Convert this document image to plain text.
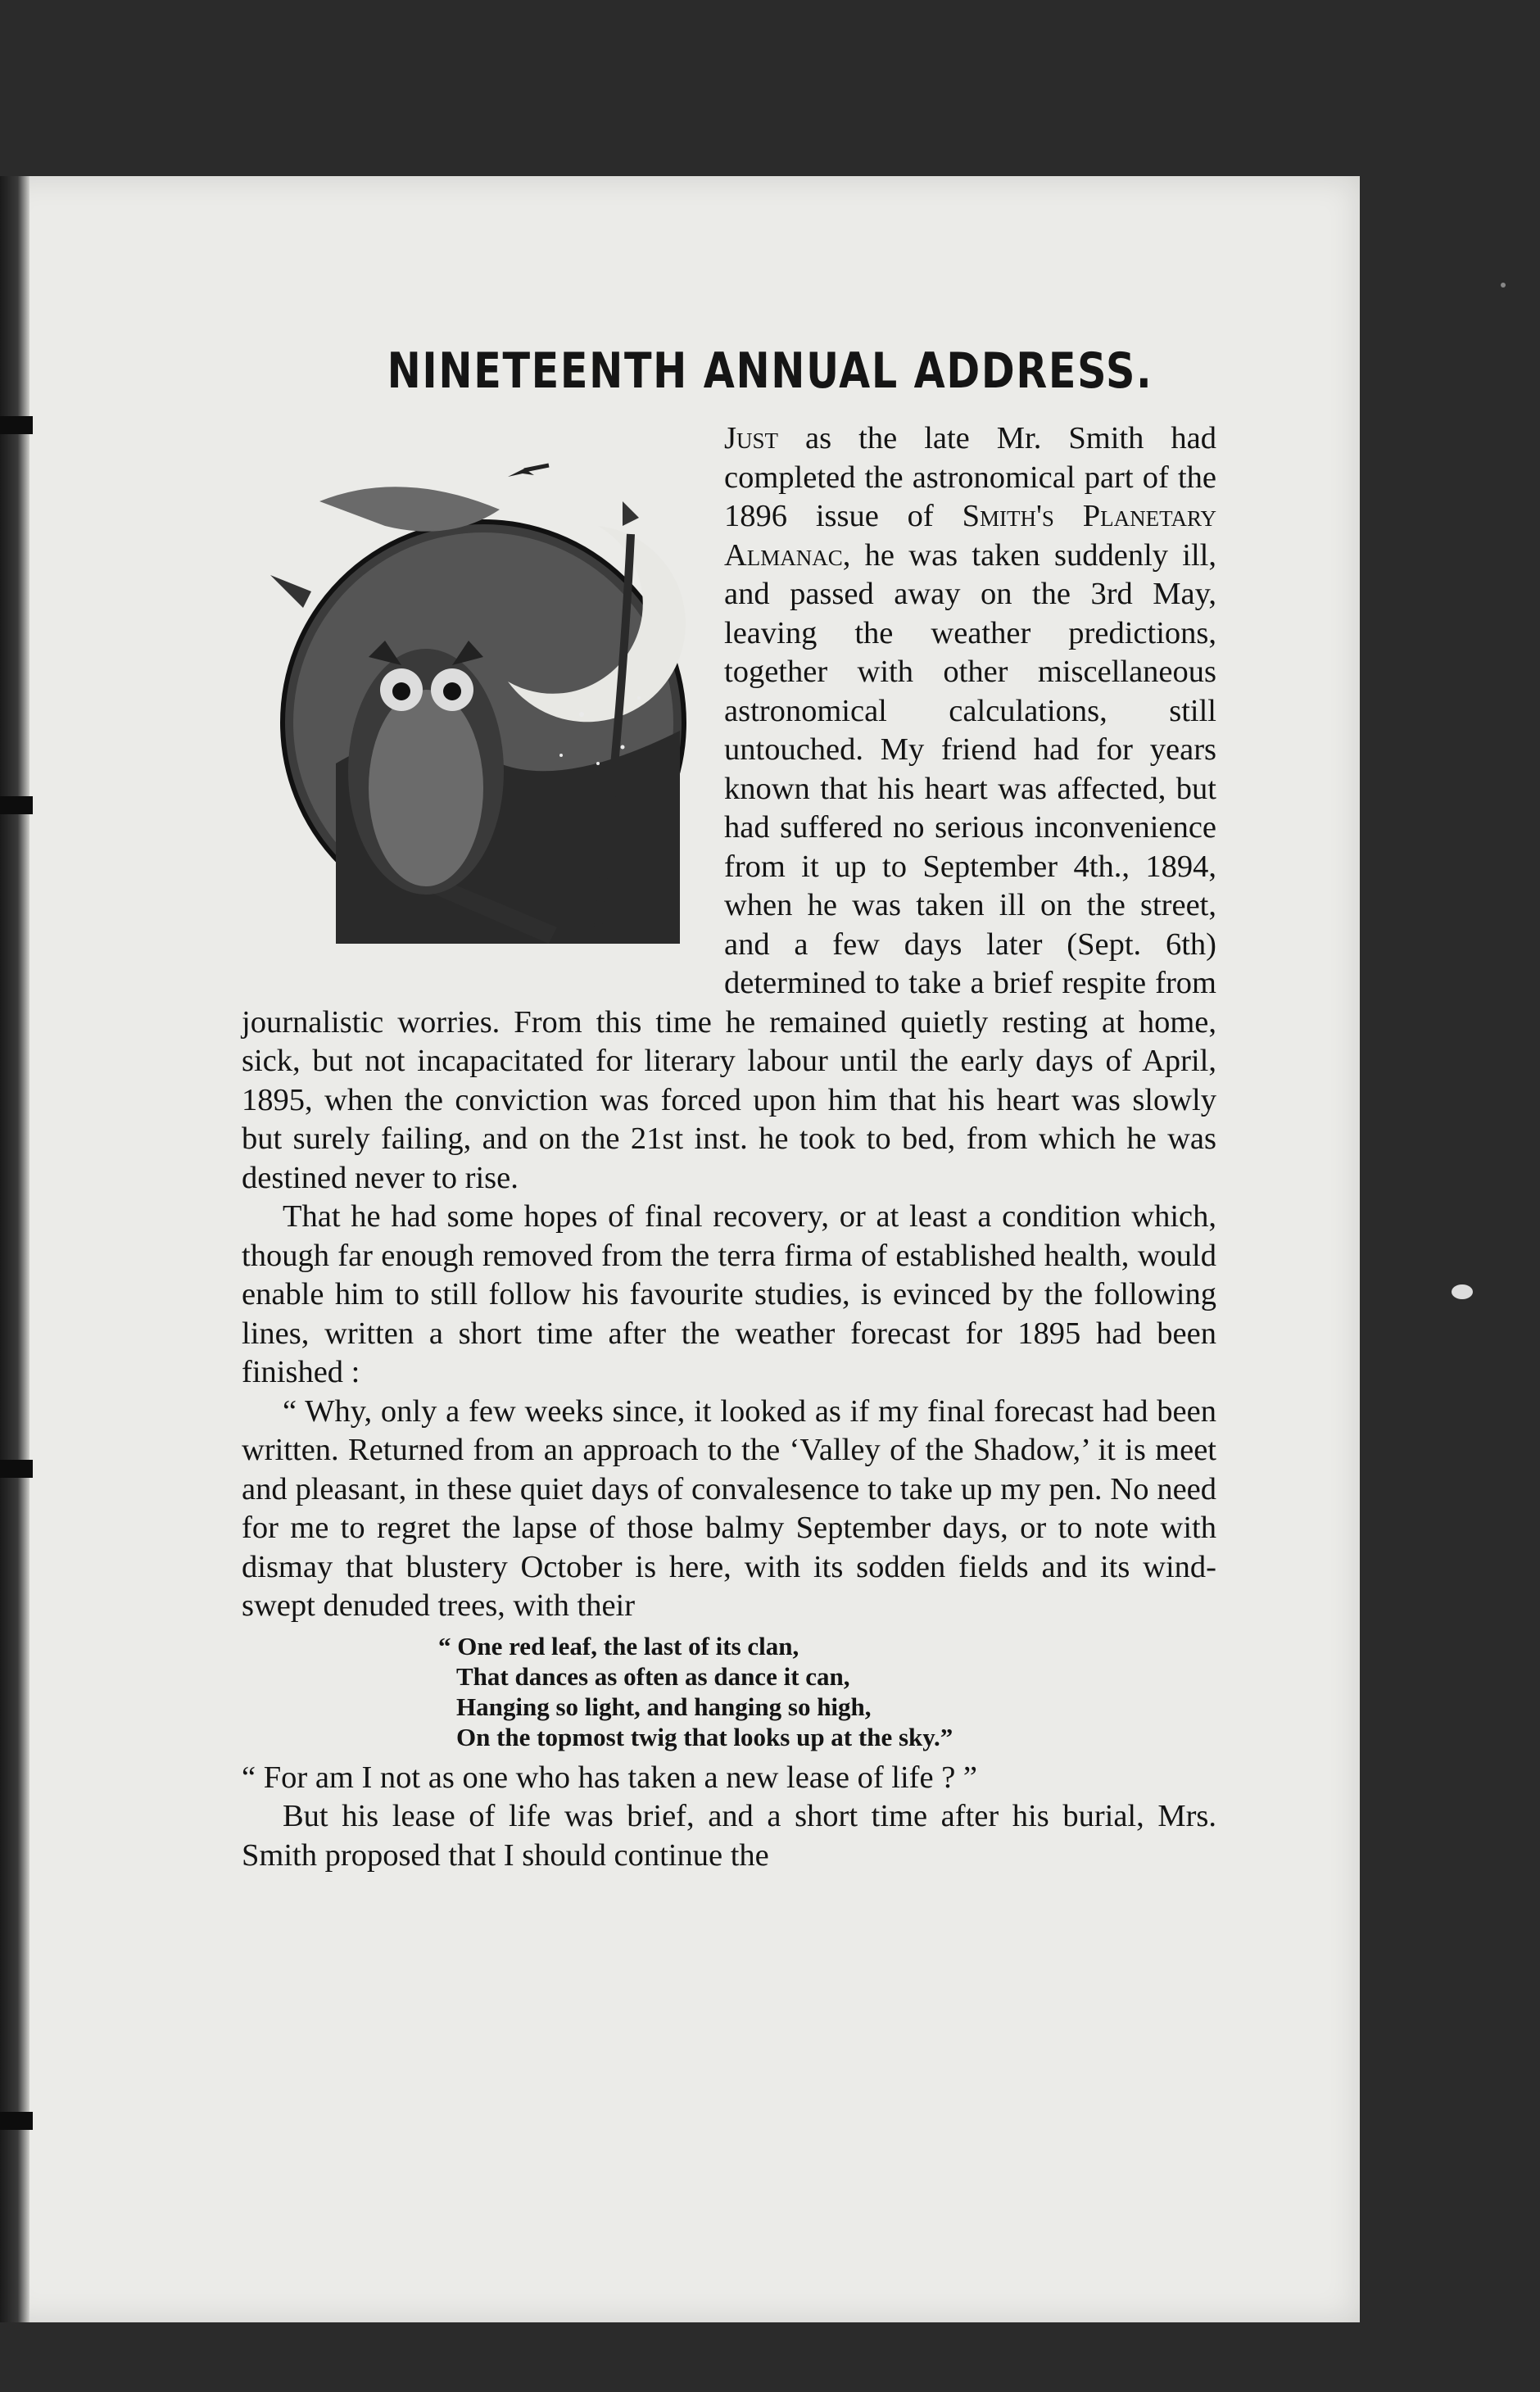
NINETEENTH ANNUAL ADDRESS.

Just as the late Mr. Smith had completed the astronomical part of the 1896 issue of Smith's Planetary Almanac, he was taken suddenly ill, and passed away on the 3rd May, leaving the weather predictions, together with other miscellaneous astronomical calculations, still untouched. My friend had for years known that his heart was affected, but had suffered no serious inconvenience from it up to September 4th., 1894, when he was taken ill on the street, and a few days later (Sept. 6th) determined to take a brief respite from journalistic worries. From this time he remained quietly resting at home, sick, but not incapacitated for literary labour until the early days of April, 1895, when the conviction was forced upon him that his heart was slowly but surely failing, and on the 21st inst. he took to bed, from which he was destined never to rise.

That he had some hopes of final recovery, or at least a condition which, though far enough removed from the terra firma of established health, would enable him to still follow his favourite studies, is evinced by the following lines, written a short time after the weather forecast for 1895 had been finished :

“ Why, only a few weeks since, it looked as if my final forecast had been written. Returned from an approach to the ‘Valley of the Shadow,’ it is meet and pleasant, in these quiet days of convalesence to take up my pen. No need for me to regret the lapse of those balmy September days, or to note with dismay that blustery October is here, with its sodden fields and its wind-swept denuded trees, with their

“ One red leaf, the last of its clan,
That dances as often as dance it can,
Hanging so light, and hanging so high,
On the topmost twig that looks up at the sky.”

“ For am I not as one who has taken a new lease of life ? ”

But his lease of life was brief, and a short time after his burial, Mrs. Smith proposed that I should continue the
